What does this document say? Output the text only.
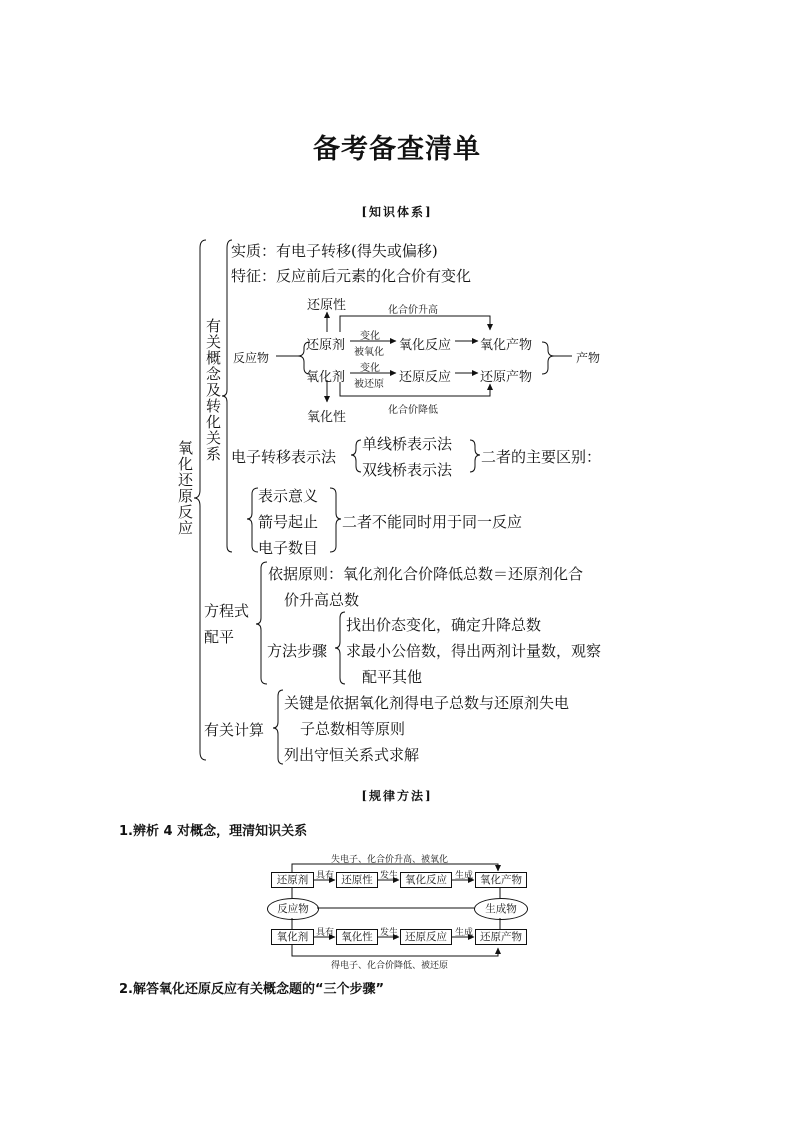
备考备查清单
[知识体系]
氧化还原反应
有关概念及转化关系
实质：有电子转移(得失或偏移)
特征：反应前后元素的化合价有变化
还原性	化合价升高
反应物
还原剂
氧化剂
变化
被氧化
变化
被还原
氧化反应
还原反应
氧化产物
还原产物
产物
化合价降低
氧化性
电子转移表示法
单线桥表示法
双线桥表示法
二者的主要区别：
表示意义
箭号起止
电子数目
二者不能同时用于同一反应
方程式
配平
依据原则：氧化剂化合价降低总数＝还原剂化合
价升高总数
方法步骤
找出价态变化，确定升降总数
求最小公倍数，得出两剂计量数，观察
配平其他
有关计算
关键是依据氧化剂得电子总数与还原剂失电
子总数相等原则
列出守恒关系式求解
[规律方法]
1.辨析 4 对概念，理清知识关系
失电子、化合价升高、被氧化
得电子、化合价降低、被还原
还原剂	还原性	氧化反应	氧化产物
反应物	生成物
氧化剂	氧化性	还原反应	还原产物
具有	发生	生成
具有	发生	生成
2.解答氧化还原反应有关概念题的“三个步骤”
